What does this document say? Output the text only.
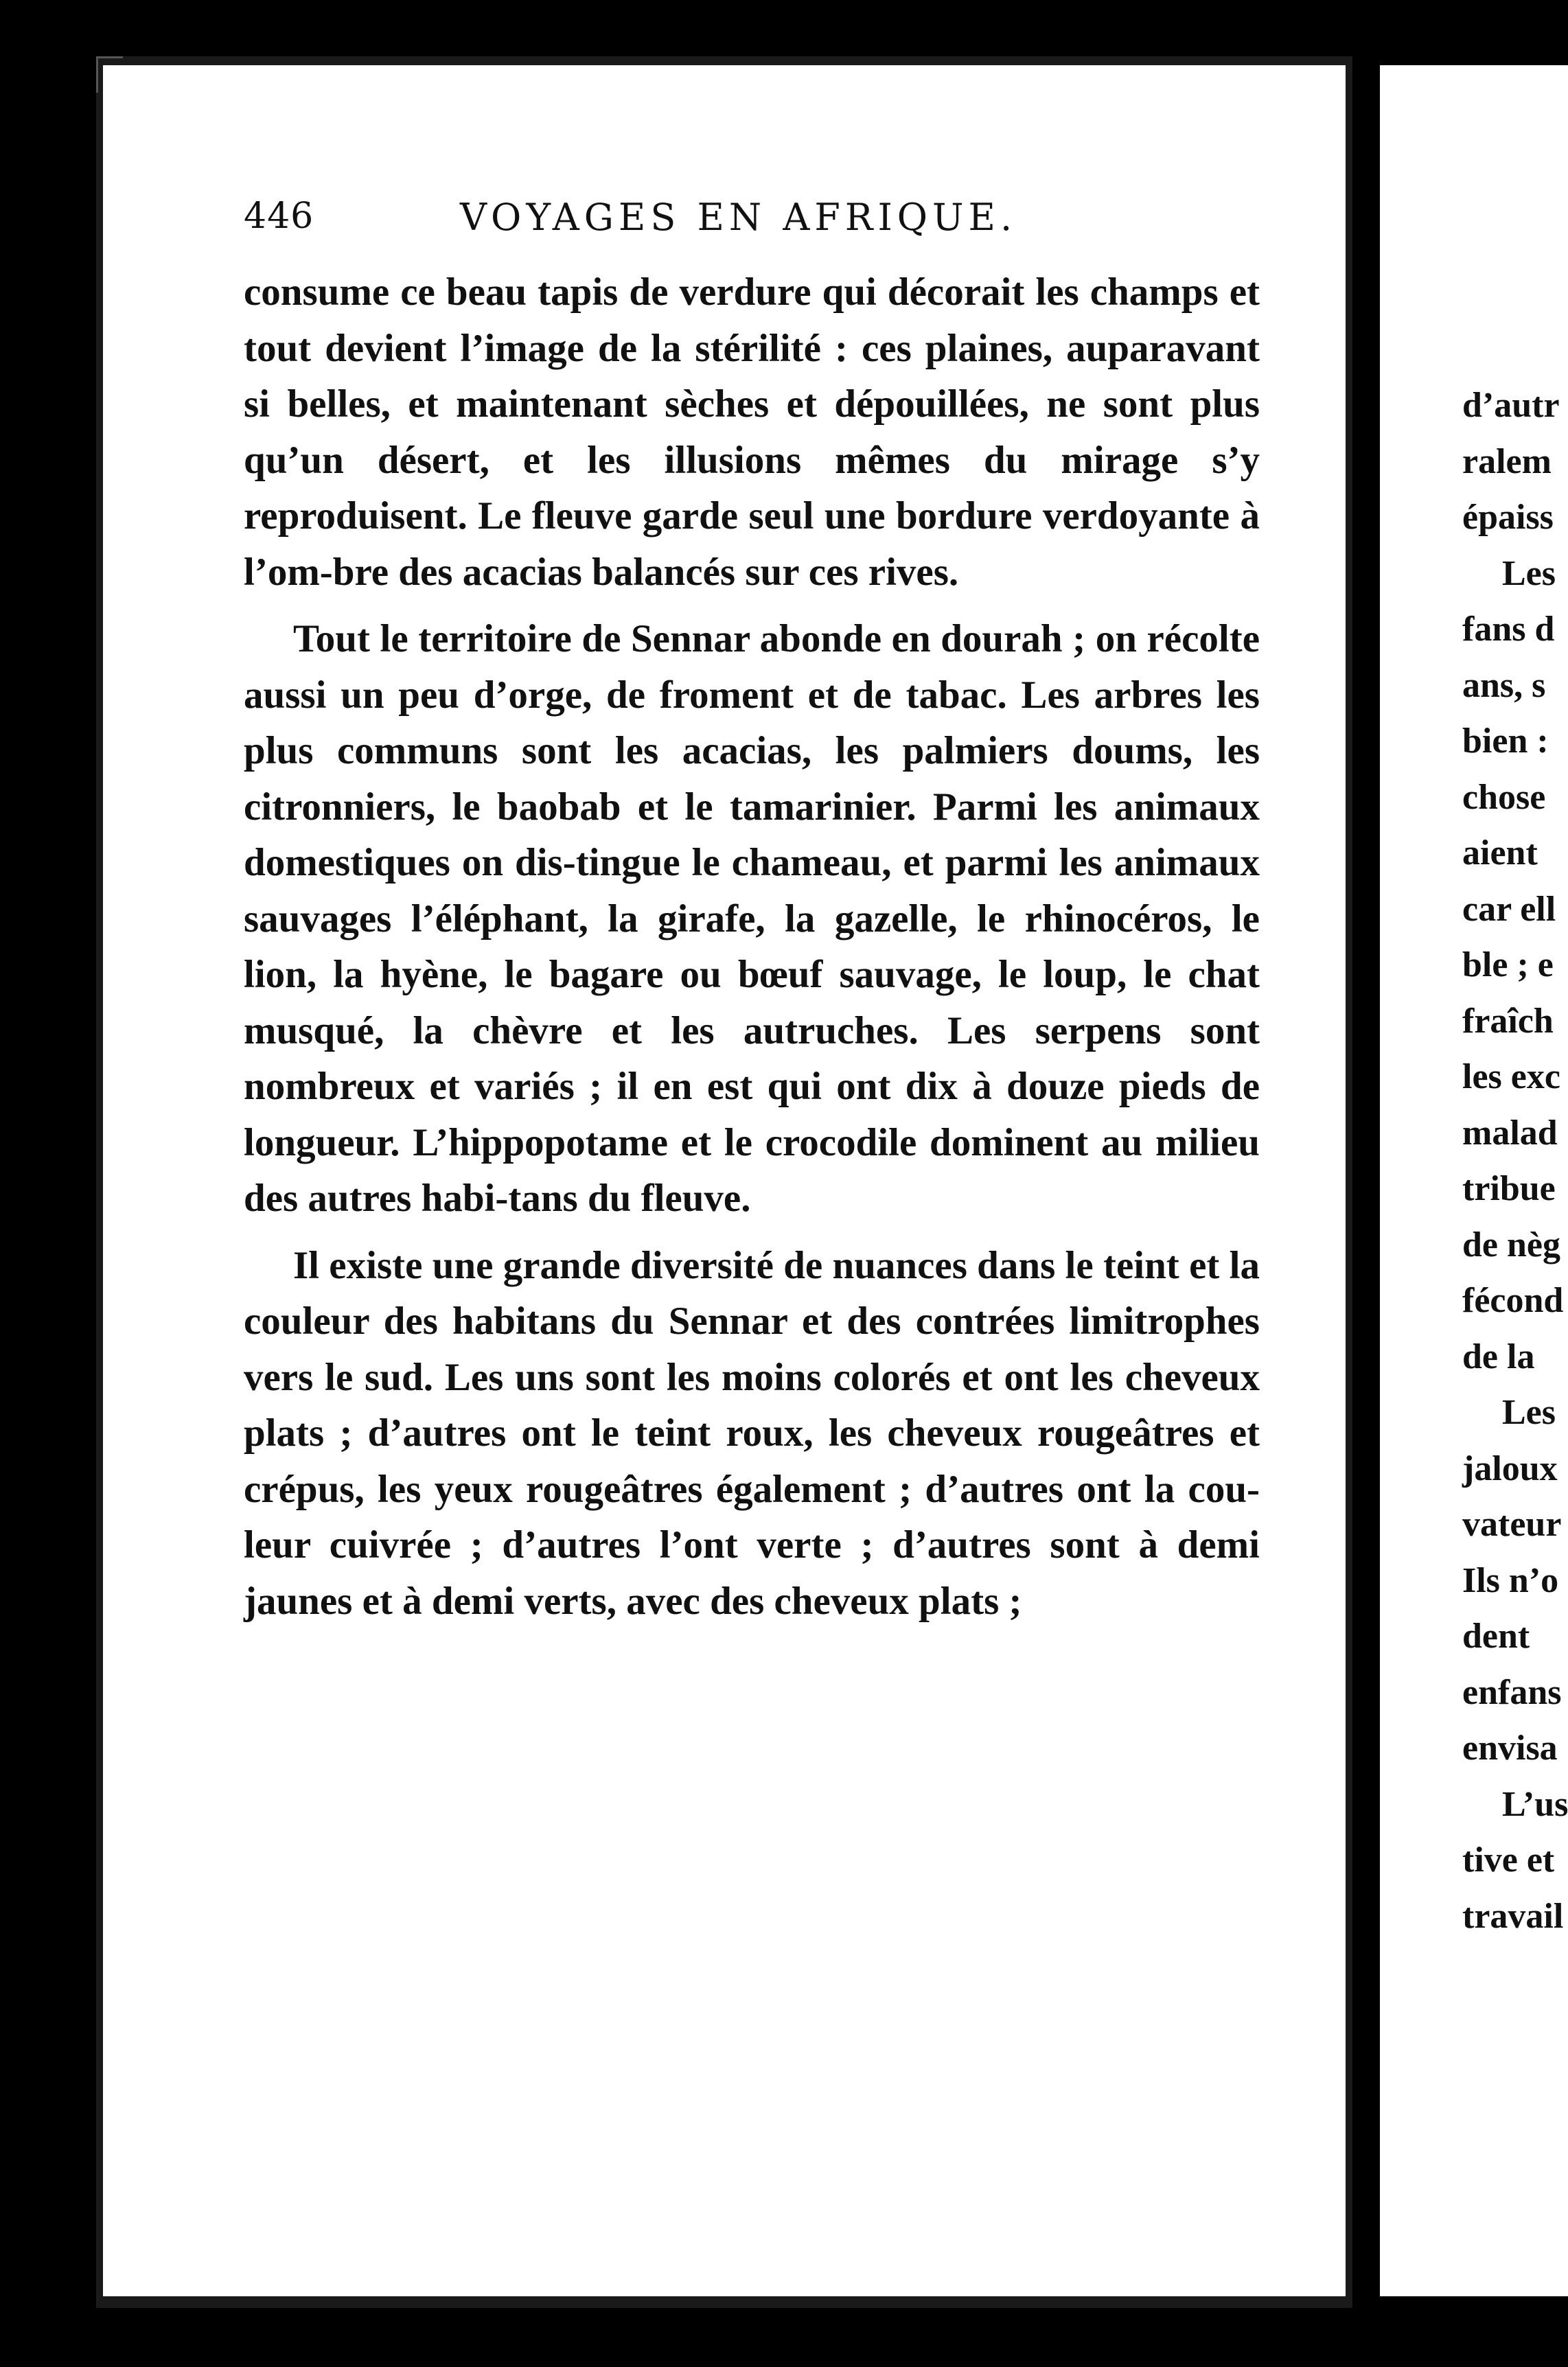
446	VOYAGES EN AFRIQUE.

consume ce beau tapis de verdure qui décorait les champs et tout devient l’image de la stérilité : ces plaines, auparavant si belles, et maintenant sèches et dépouillées, ne sont plus qu’un désert, et les illusions mêmes du mirage s’y reproduisent. Le fleuve garde seul une bordure verdoyante à l’om-bre des acacias balancés sur ces rives.

Tout le territoire de Sennar abonde en dourah ; on récolte aussi un peu d’orge, de froment et de tabac. Les arbres les plus communs sont les acacias, les palmiers doums, les citronniers, le baobab et le tamarinier. Parmi les animaux domestiques on dis-tingue le chameau, et parmi les animaux sauvages l’éléphant, la girafe, la gazelle, le rhinocéros, le lion, la hyène, le bagare ou bœuf sauvage, le loup, le chat musqué, la chèvre et les autruches. Les serpens sont nombreux et variés ; il en est qui ont dix à douze pieds de longueur. L’hippopotame et le crocodile dominent au milieu des autres habi-tans du fleuve.

Il existe une grande diversité de nuances dans le teint et la couleur des habitans du Sennar et des contrées limitrophes vers le sud. Les uns sont les moins colorés et ont les cheveux plats ; d’autres ont le teint roux, les cheveux rougeâtres et crépus, les yeux rougeâtres également ; d’autres ont la cou-leur cuivrée ; d’autres l’ont verte ; d’autres sont à demi jaunes et à demi verts, avec des cheveux plats ;

d’autr
ralem
épaiss
Les
fans d
ans, s
bien :
chose
aient
car ell
ble ; e
fraîch
les exc
malad
tribue
de nèg
fécond
de la
Les
jaloux
vateur
Ils n’o
dent
enfans
envisa
L’us
tive et
travail
